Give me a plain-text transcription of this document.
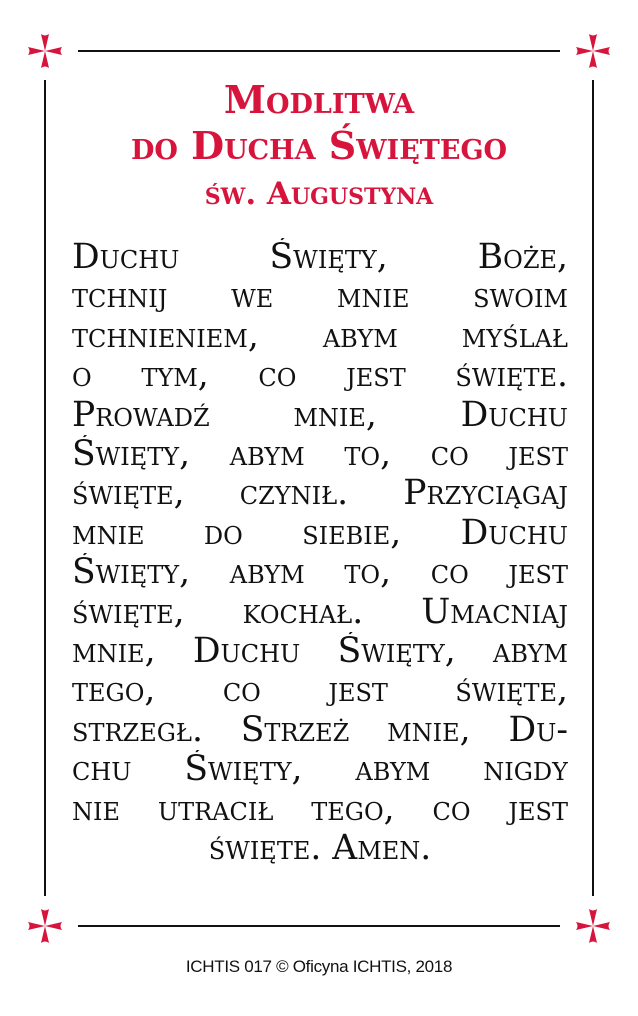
Modlitwa
do Ducha Świętego
św. Augustyna
Duchu Święty, Boże,
tchnij we mnie swoim
tchnieniem, abym myślał
o tym, co jest święte.
Prowadź mnie, Duchu
Święty, abym to, co jest
święte, czynił. Przyciągaj
mnie do siebie, Duchu
Święty, abym to, co jest
święte, kochał. Umacniaj
mnie, Duchu Święty, abym
tego, co jest święte,
strzegł. Strzeż mnie, Du-
chu Święty, abym nigdy
nie utracił tego, co jest
święte. Amen.
ICHTIS 017 © Oficyna ICHTIS, 2018
